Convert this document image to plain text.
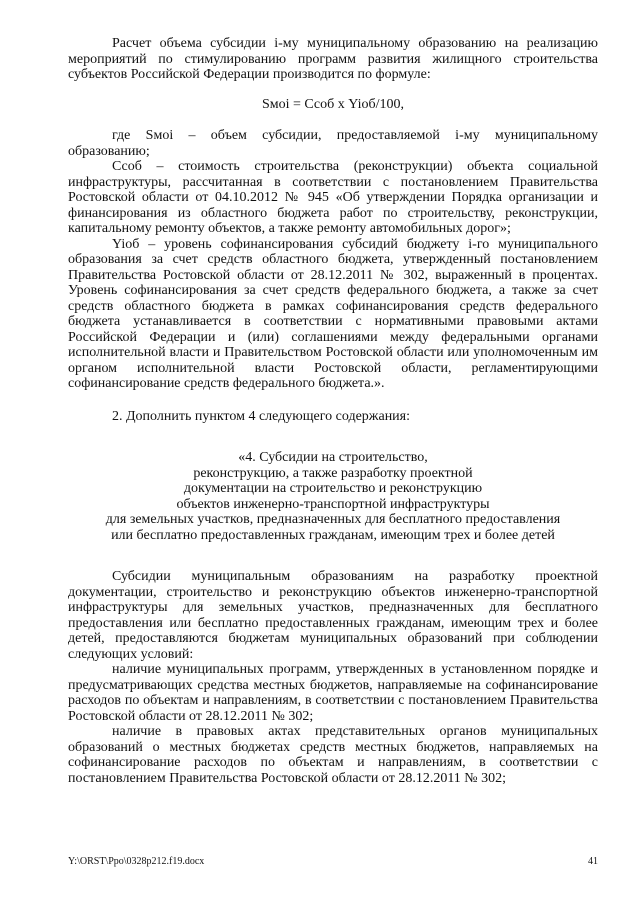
Расчет объема субсидии i-му муниципальному образованию на реализацию мероприятий по стимулированию программ развития жилищного строительства субъектов Российской Федерации производится по формуле:

Sмоi = Ссоб х Yioб/100,

где Sмоi – объем субсидии, предоставляемой i-му муниципальному образованию;

Ссоб – стоимость строительства (реконструкции) объекта социальной инфраструктуры, рассчитанная в соответствии с постановлением Правительства Ростовской области от 04.10.2012 № 945 «Об утверждении Порядка организации и финансирования из областного бюджета работ по строительству, реконструкции, капитальному ремонту объектов, а также ремонту автомобильных дорог»;

Yioб – уровень софинансирования субсидий бюджету i-го муниципального образования за счет средств областного бюджета, утвержденный постановлением Правительства Ростовской области от 28.12.2011 № 302, выраженный в процентах. Уровень софинансирования за счет средств федерального бюджета, а также за счет средств областного бюджета в рамках софинансирования средств федерального бюджета устанавливается в соответствии с нормативными правовыми актами Российской Федерации и (или) соглашениями между федеральными органами исполнительной власти и Правительством Ростовской области или уполномоченным им органом исполнительной власти Ростовской области, регламентирующими софинансирование средств федерального бюджета.».

2. Дополнить пунктом 4 следующего содержания:

«4. Субсидии на строительство,
реконструкцию, а также разработку проектной
документации на строительство и реконструкцию
объектов инженерно-транспортной инфраструктуры
для земельных участков, предназначенных для бесплатного предоставления
или бесплатно предоставленных гражданам, имеющим трех и более детей

Субсидии муниципальным образованиям на разработку проектной документации, строительство и реконструкцию объектов инженерно-транспортной инфраструктуры для земельных участков, предназначенных для бесплатного предоставления или бесплатно предоставленных гражданам, имеющим трех и более детей, предоставляются бюджетам муниципальных образований при соблюдении следующих условий:

наличие муниципальных программ, утвержденных в установленном порядке и предусматривающих средства местных бюджетов, направляемые на софинансирование расходов по объектам и направлениям, в соответствии с постановлением Правительства Ростовской области от 28.12.2011 № 302;

наличие в правовых актах представительных органов муниципальных образований о местных бюджетах средств местных бюджетов, направляемых на софинансирование расходов по объектам и направлениям, в соответствии с постановлением Правительства Ростовской области от 28.12.2011 № 302;

Y:\ORST\Ppo\0328p212.f19.docx	41
